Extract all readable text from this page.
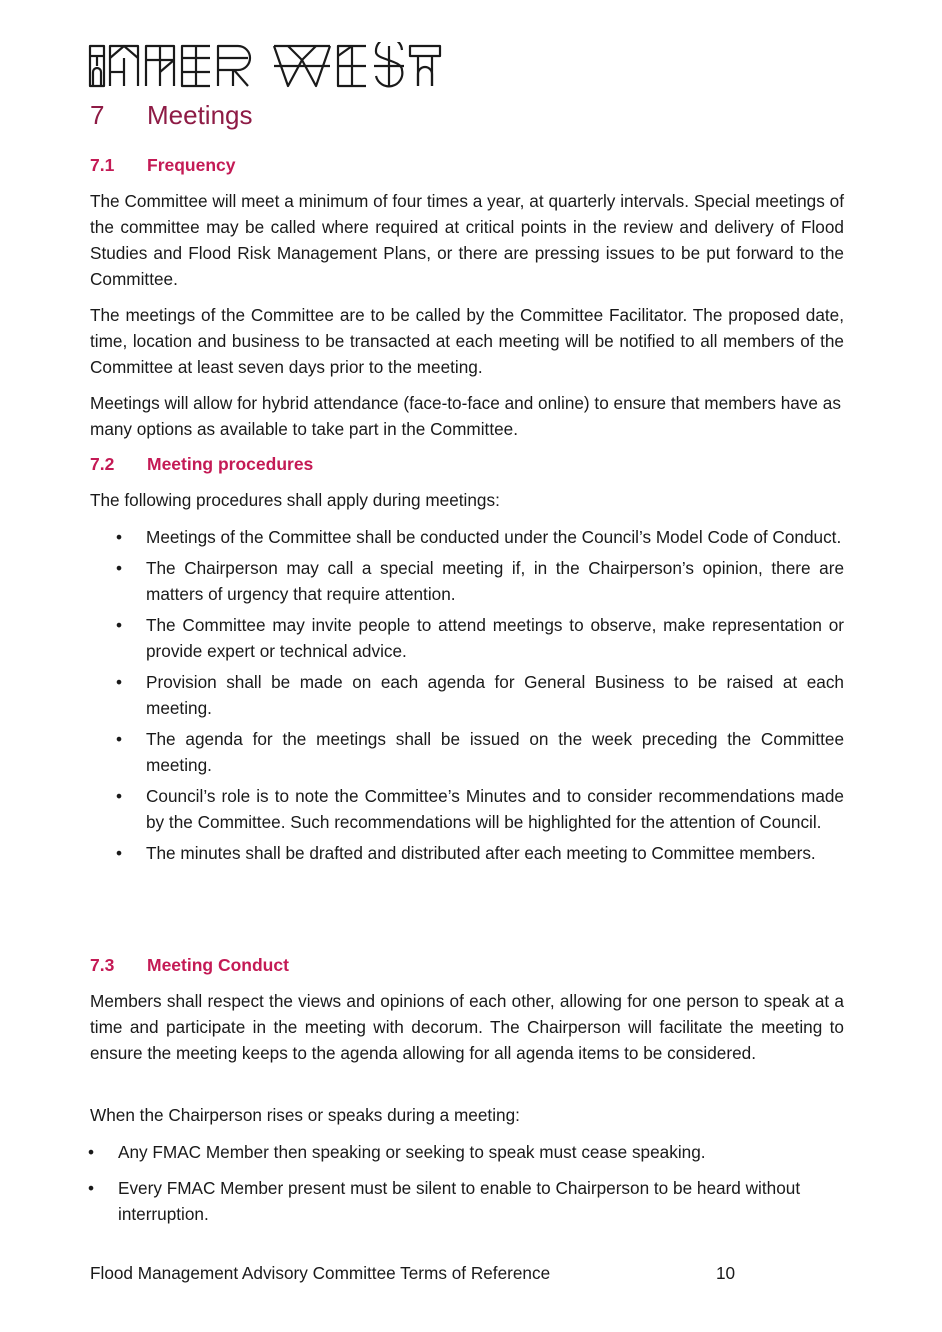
7	Meetings
7.1	Frequency

The Committee will meet a minimum of four times a year, at quarterly intervals. Special meetings of the committee may be called where required at critical points in the review and delivery of Flood Studies and Flood Risk Management Plans, or there are pressing issues to be put forward to the Committee.

The meetings of the Committee are to be called by the Committee Facilitator. The proposed date, time, location and business to be transacted at each meeting will be notified to all members of the Committee at least seven days prior to the meeting.

Meetings will allow for hybrid attendance (face-to-face and online) to ensure that members have as many options as available to take part in the Committee.

7.2	Meeting procedures

The following procedures shall apply during meetings:

• Meetings of the Committee shall be conducted under the Council’s Model Code of Conduct.
• The Chairperson may call a special meeting if, in the Chairperson’s opinion, there are matters of urgency that require attention.
• The Committee may invite people to attend meetings to observe, make representation or provide expert or technical advice.
• Provision shall be made on each agenda for General Business to be raised at each meeting.
• The agenda for the meetings shall be issued on the week preceding the Committee meeting.
• Council’s role is to note the Committee’s Minutes and to consider recommendations made by the Committee. Such recommendations will be highlighted for the attention of Council.
• The minutes shall be drafted and distributed after each meeting to Committee members.
7.3	Meeting Conduct

Members shall respect the views and opinions of each other, allowing for one person to speak at a time and participate in the meeting with decorum. The Chairperson will facilitate the meeting to ensure the meeting keeps to the agenda allowing for all agenda items to be considered.

When the Chairperson rises or speaks during a meeting:

• Any FMAC Member then speaking or seeking to speak must cease speaking.
• Every FMAC Member present must be silent to enable to Chairperson to be heard without interruption.
Flood Management Advisory Committee Terms of Reference	10
